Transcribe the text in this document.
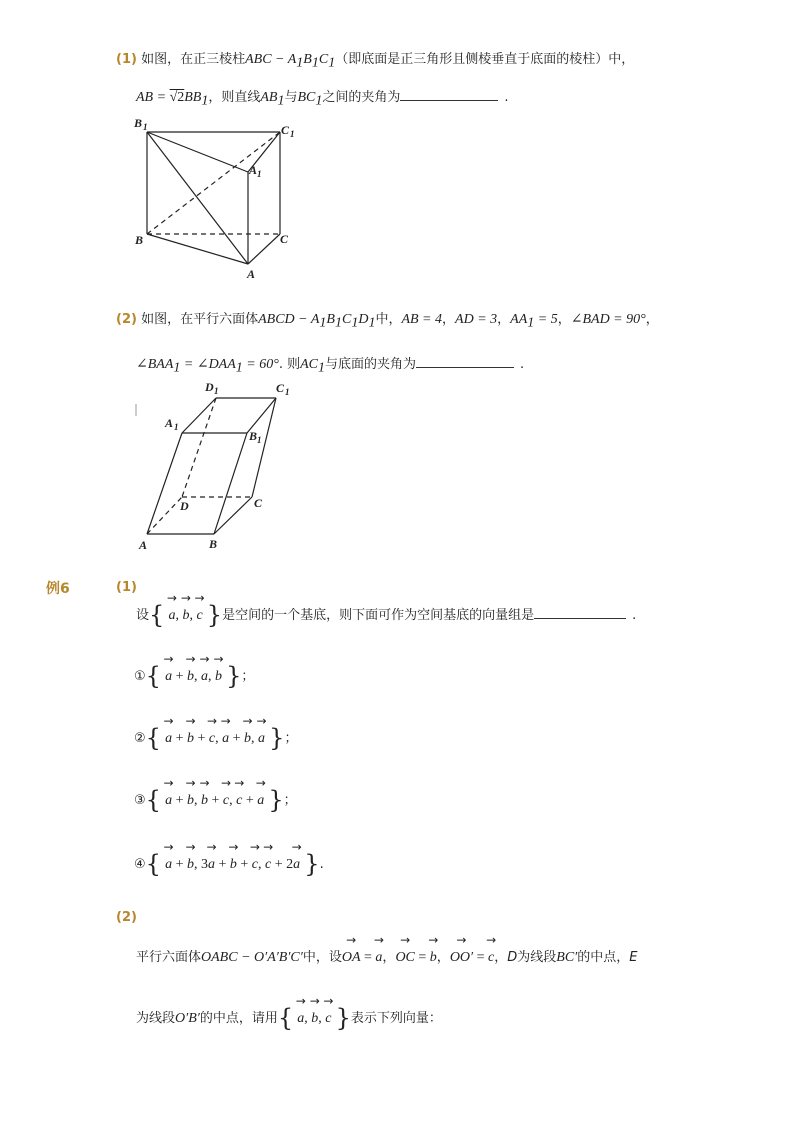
(1) 如图，在正三棱柱ABC − $A_1B_1C_1$（即底面是正三角形且侧棱垂直于底面的棱柱）中，
AB = $√2BB_1$，则直线$AB_1$与$BC_1$之间的夹角为	.
B 1	C 1
A 1
B	C
A
(2) 如图，在平行六面体ABCD − $A_1B_1C_1D_1$中，AB = 4，AD = 3，$AA_1 = 5$，∠BAD = 90°，
$\angle BAA_1$ = $\angle DAA_1 = 60^\circ$. 则$AC_1$与底面的夹角为	.
D 1	C 1
A 1
B 1
D	C
A	B
例6	(1)
设{ → a, → b, → c }是空间的一个基底，则下面可作为空间基底的向量组是	.
①{ → a + → b, → a, → b }；
②{ → a + → b + → c, → a + → b, → a }；
③{ → a + → b, → b + → c, → c + → a }；
④{ → a + → b, 3→ a + → b + → c, → c + 2→ a }.
(2)
平行六面体OABC − O′A′B′C′中，设→ OA = → a，→ OC = → b，→ OO′ = → c，D为线段BC′的中点，E
为线段O′B′的中点，请用{ → a, → b, → c }表示下列向量：
